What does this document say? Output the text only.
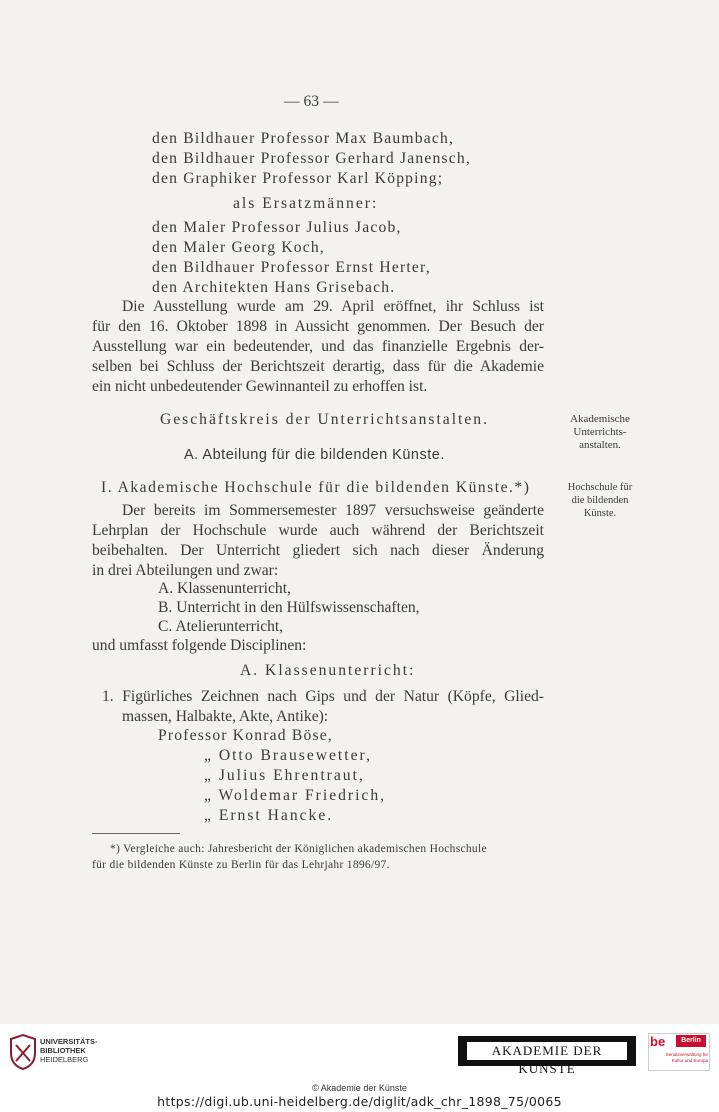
— 63 —
den Bildhauer Professor Max Baumbach,
den Bildhauer Professor Gerhard Janensch,
den Graphiker Professor Karl Köpping;
als Ersatzmänner:
den Maler Professor Julius Jacob,
den Maler Georg Koch,
den Bildhauer Professor Ernst Herter,
den Architekten Hans Grisebach.
Die Ausstellung wurde am 29. April eröffnet, ihr Schluss ist
für den 16. Oktober 1898 in Aussicht genommen. Der Besuch der
Ausstellung war ein bedeutender, und das finanzielle Ergebnis der-
selben bei Schluss der Berichtszeit derartig, dass für die Akademie
ein nicht unbedeutender Gewinnanteil zu erhoffen ist.
Geschäftskreis der Unterrichtsanstalten.
A. Abteilung für die bildenden Künste.
Akademische
Unterrichts-
anstalten.
I. Akademische Hochschule für die bildenden Künste.*)	Hochschule für
die bildenden
Künste.
Der bereits im Sommersemester 1897 versuchsweise geänderte
Lehrplan der Hochschule wurde auch während der Berichtszeit
beibehalten. Der Unterricht gliedert sich nach dieser Änderung
in drei Abteilungen und zwar:
A. Klassenunterricht,
B. Unterricht in den Hülfswissenschaften,
C. Atelierunterricht,
und umfasst folgende Disciplinen:
A. Klassenunterricht:
1. Figürliches Zeichnen nach Gips und der Natur (Köpfe, Glied-
massen, Halbakte, Akte, Antike):
Professor Konrad Böse,
„ Otto Brausewetter,
„ Julius Ehrentraut,
„ Woldemar Friedrich,
„ Ernst Hancke.
*) Vergleiche auch: Jahresbericht der Königlichen akademischen Hochschule
für die bildenden Künste zu Berlin für das Lehrjahr 1896/97.
UNIVERSITÄTS-
BIBLIOTHEK
HEIDELBERG
AKADEMIE DER KÜNSTE
be	Berlin
Senatsverwaltung für Kultur und Europa
© Akademie der Künste
https://digi.ub.uni-heidelberg.de/diglit/adk_chr_1898_75/0065
